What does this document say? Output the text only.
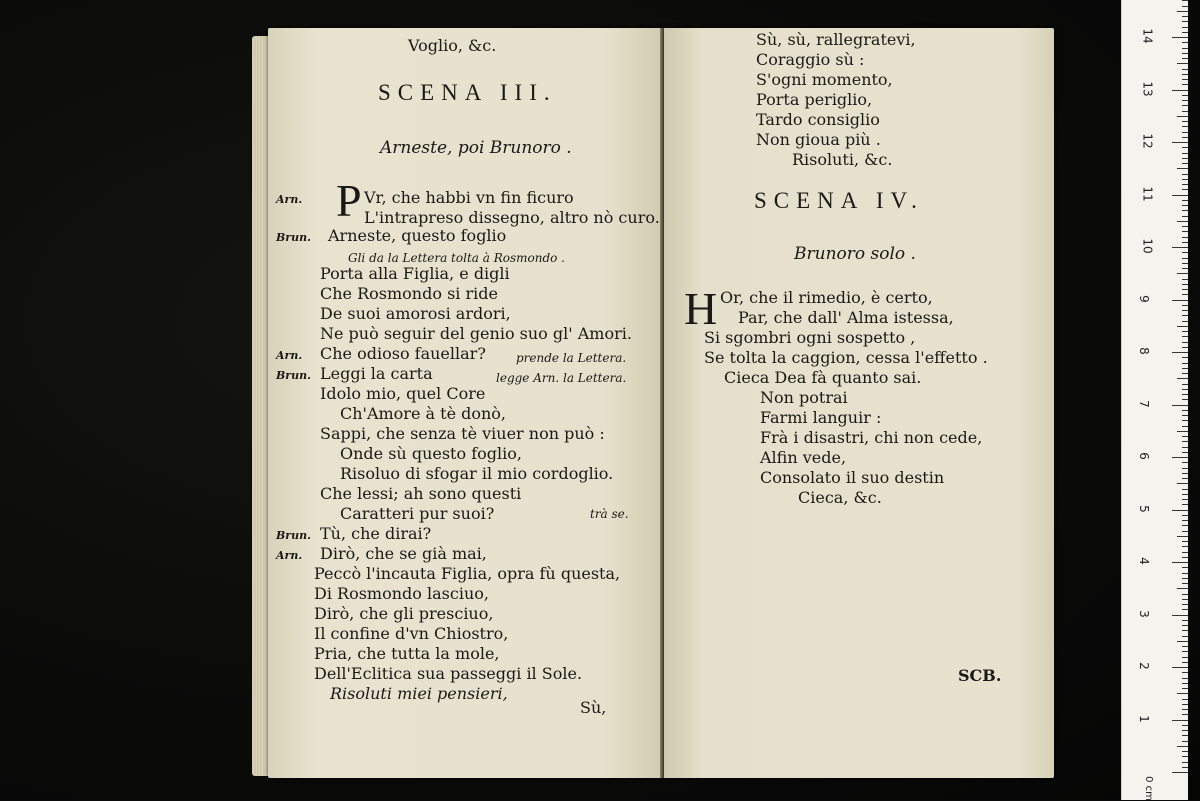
Voglio, &c.
SCENA III.
Arneste, poi Brunoro .
Arn. P Vr, che habbi vn fin ficuro
L'intrapreso dissegno, altro nò curo.
Brun. Arneste, questo foglio
Gli da la Lettera tolta à Rosmondo .
Porta alla Figlia, e digli
Che Rosmondo si ride
De suoi amorosi ardori,
Ne può seguir del genio suo gl' Amori.
Arn. Che odioso fauellar?	prende la Lettera.
Brun. Leggi la carta	legge Arn. la Lettera.
Idolo mio, quel Core
Ch'Amore à tè donò,
Sappi, che senza tè viuer non può :
Onde sù questo foglio,
Risoluo di sfogar il mio cordoglio.
Che lessi; ah sono questi
Caratteri pur suoi?	trà se.
Brun. Tù, che dirai?
Arn. Dirò, che se già mai,
Peccò l'incauta Figlia, opra fù questa,
Di Rosmondo lasciuo,
Dirò, che gli presciuo,
Il confine d'vn Chiostro,
Pria, che tutta la mole,
Dell'Eclitica sua passeggi il Sole.
Risoluti miei pensieri,
Sù,
Sù, sù, rallegratevi,
Coraggio sù :
S'ogni momento,
Porta periglio,
Tardo consiglio
Non gioua più .
Risoluti, &c.
SCENA IV.
Brunoro solo .
H Or, che il rimedio, è certo,
Par, che dall' Alma istessa,
Si sgombri ogni sospetto ,
Se tolta la caggion, cessa l'effetto .
Cieca Dea fà quanto sai.
Non potrai
Farmi languir :
Frà i disastri, chi non cede,
Alfin vede,
Consolato il suo destin
Cieca, &c.
SCB.
1
2
3
4
5
6
7
8
9
10
11
12
13
14
0 cm
